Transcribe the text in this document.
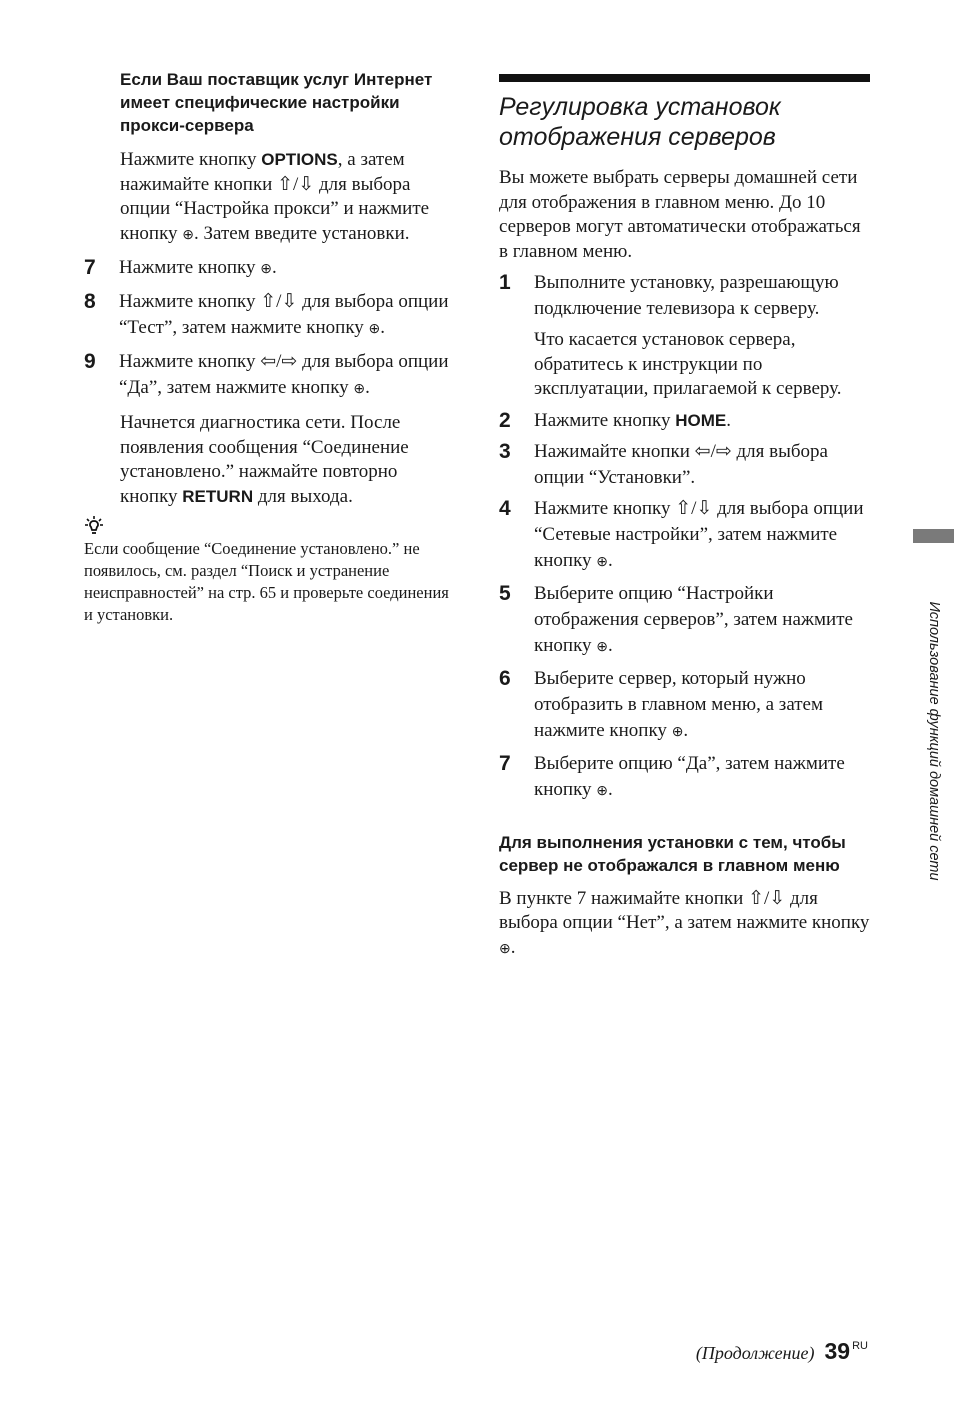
Если Ваш поставщик услуг Интернет имеет специфические настройки прокси-сервера

Нажмите кнопку OPTIONS, а затем нажимайте кнопки ⇧/⇩ для выбора опции “Настройка прокси” и нажмите кнопку ⊕. Затем введите установки.

7 Нажмите кнопку ⊕.

8 Нажмите кнопку ⇧/⇩ для выбора опции “Тест”, затем нажмите кнопку ⊕.

9 Нажмите кнопку ⇦/⇨ для выбора опции “Да”, затем нажмите кнопку ⊕.

Начнется диагностика сети. После появления сообщения “Соединение установлено.” нажмайте повторно кнопку RETURN для выхода.

Если сообщение “Соединение установлено.” не появилось, см. раздел “Поиск и устранение неисправностей” на стр. 65 и проверьте соединения и установки.

Регулировка установок отображения серверов

Вы можете выбрать серверы домашней сети для отображения в главном меню. До 10 серверов могут автоматически отображаться в главном меню.

1 Выполните установку, разрешающую подключение телевизора к серверу.

Что касается установок сервера, обратитесь к инструкции по эксплуатации, прилагаемой к серверу.

2 Нажмите кнопку HOME.

3 Нажимайте кнопки ⇦/⇨ для выбора опции “Установки”.

4 Нажмите кнопку ⇧/⇩ для выбора опции “Сетевые настройки”, затем нажмите кнопку ⊕.

5 Выберите опцию “Настройки отображения серверов”, затем нажмите кнопку ⊕.

6 Выберите сервер, который нужно отобразить в главном меню, а затем нажмите кнопку ⊕.

7 Выберите опцию “Да”, затем нажмите кнопку ⊕.

Для выполнения установки с тем, чтобы сервер не отображался в главном меню

В пункте 7 нажимайте кнопки ⇧/⇩ для выбора опции “Нет”, а затем нажмите кнопку ⊕.

Использование функций домашней сети
(Продолжение) 39 $^{RU}$
